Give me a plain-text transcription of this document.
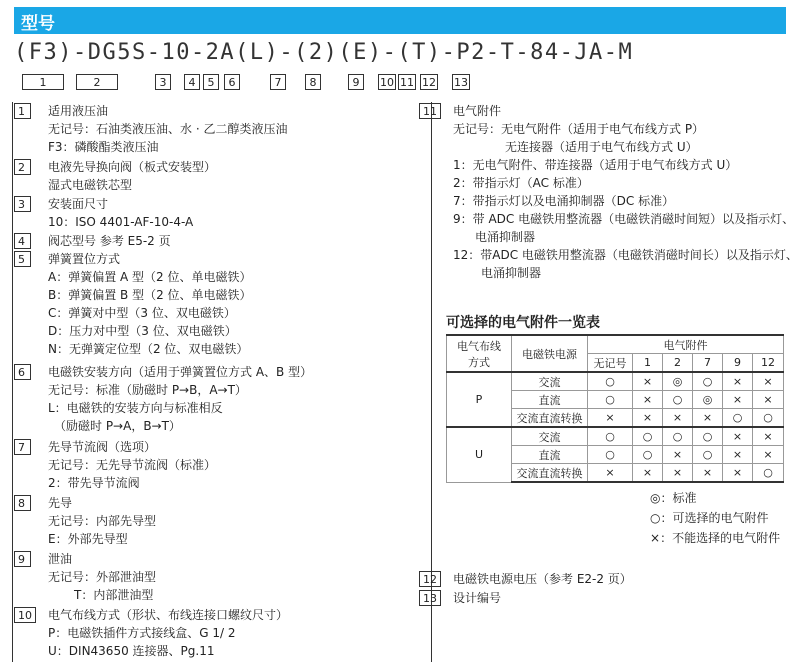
型号
(F3)-DG5S-10-2A(L)-(2)(E)-(T)-P2-T-84-JA-M
1	2	3	4	5	6	7	8	9	10 11 12 13
1	适用液压油
无记号：石油类液压油、水 · 乙二醇类液压油
F3：磷酸酯类液压油
2	电液先导换向阀（板式安装型）
湿式电磁铁芯型
3	安装面尺寸
10：ISO 4401-AF-10-4-A
4	阀芯型号 参考 E5-2 页
5	弹簧置位方式
A：弹簧偏置 A 型（2 位、单电磁铁）
B：弹簧偏置 B 型（2 位、单电磁铁）
C：弹簧对中型（3 位、双电磁铁）
D：压力对中型（3 位、双电磁铁）
N：无弹簧定位型（2 位、双电磁铁）
6	电磁铁安装方向（适用于弹簧置位方式 A、B 型）
无记号：标准（励磁时 P→B，A→T）
L：电磁铁的安装方向与标准相反
（励磁时 P→A，B→T）
7	先导节流阀（选项）
无记号：无先导节流阀（标准）
2：带先导节流阀
8	先导
无记号：内部先导型
E：外部先导型
9	泄油
无记号：外部泄油型
T：内部泄油型
10	电气布线方式（形状、布线连接口螺纹尺寸）
P：电磁铁插件方式接线盒、G 1/ 2
U：DIN43650 连接器、Pg.11
11	电气附件
无记号：无电气附件（适用于电气布线方式 P）
无连接器（适用于电气布线方式 U）
1：无电气附件、带连接器（适用于电气布线方式 U）
2：带指示灯（AC 标准）
7：带指示灯以及电涌抑制器（DC 标准）
9：带 ADC 电磁铁用整流器（电磁铁消磁时间短）以及指示灯、
电涌抑制器
12：带ADC 电磁铁用整流器（电磁铁消磁时间长）以及指示灯、
电涌抑制器
可选择的电气附件一览表
电气布线方式	电磁铁电源	电气附件					
		无记号	1	2	7	9	12
P	交流	○	×	◎	○	×	×
	直流	○	×	○	◎	×	×
	交流直流转换	×	×	×	×	○	○
U	交流	○	○	○	○	×	×
	直流	○	○	×	○	×	×
	交流直流转换	×	×	×	×	×	○
◎：标准
○：可选择的电气附件
×：不能选择的电气附件
12	电磁铁电源电压（参考 E2-2 页）
13	设计编号
